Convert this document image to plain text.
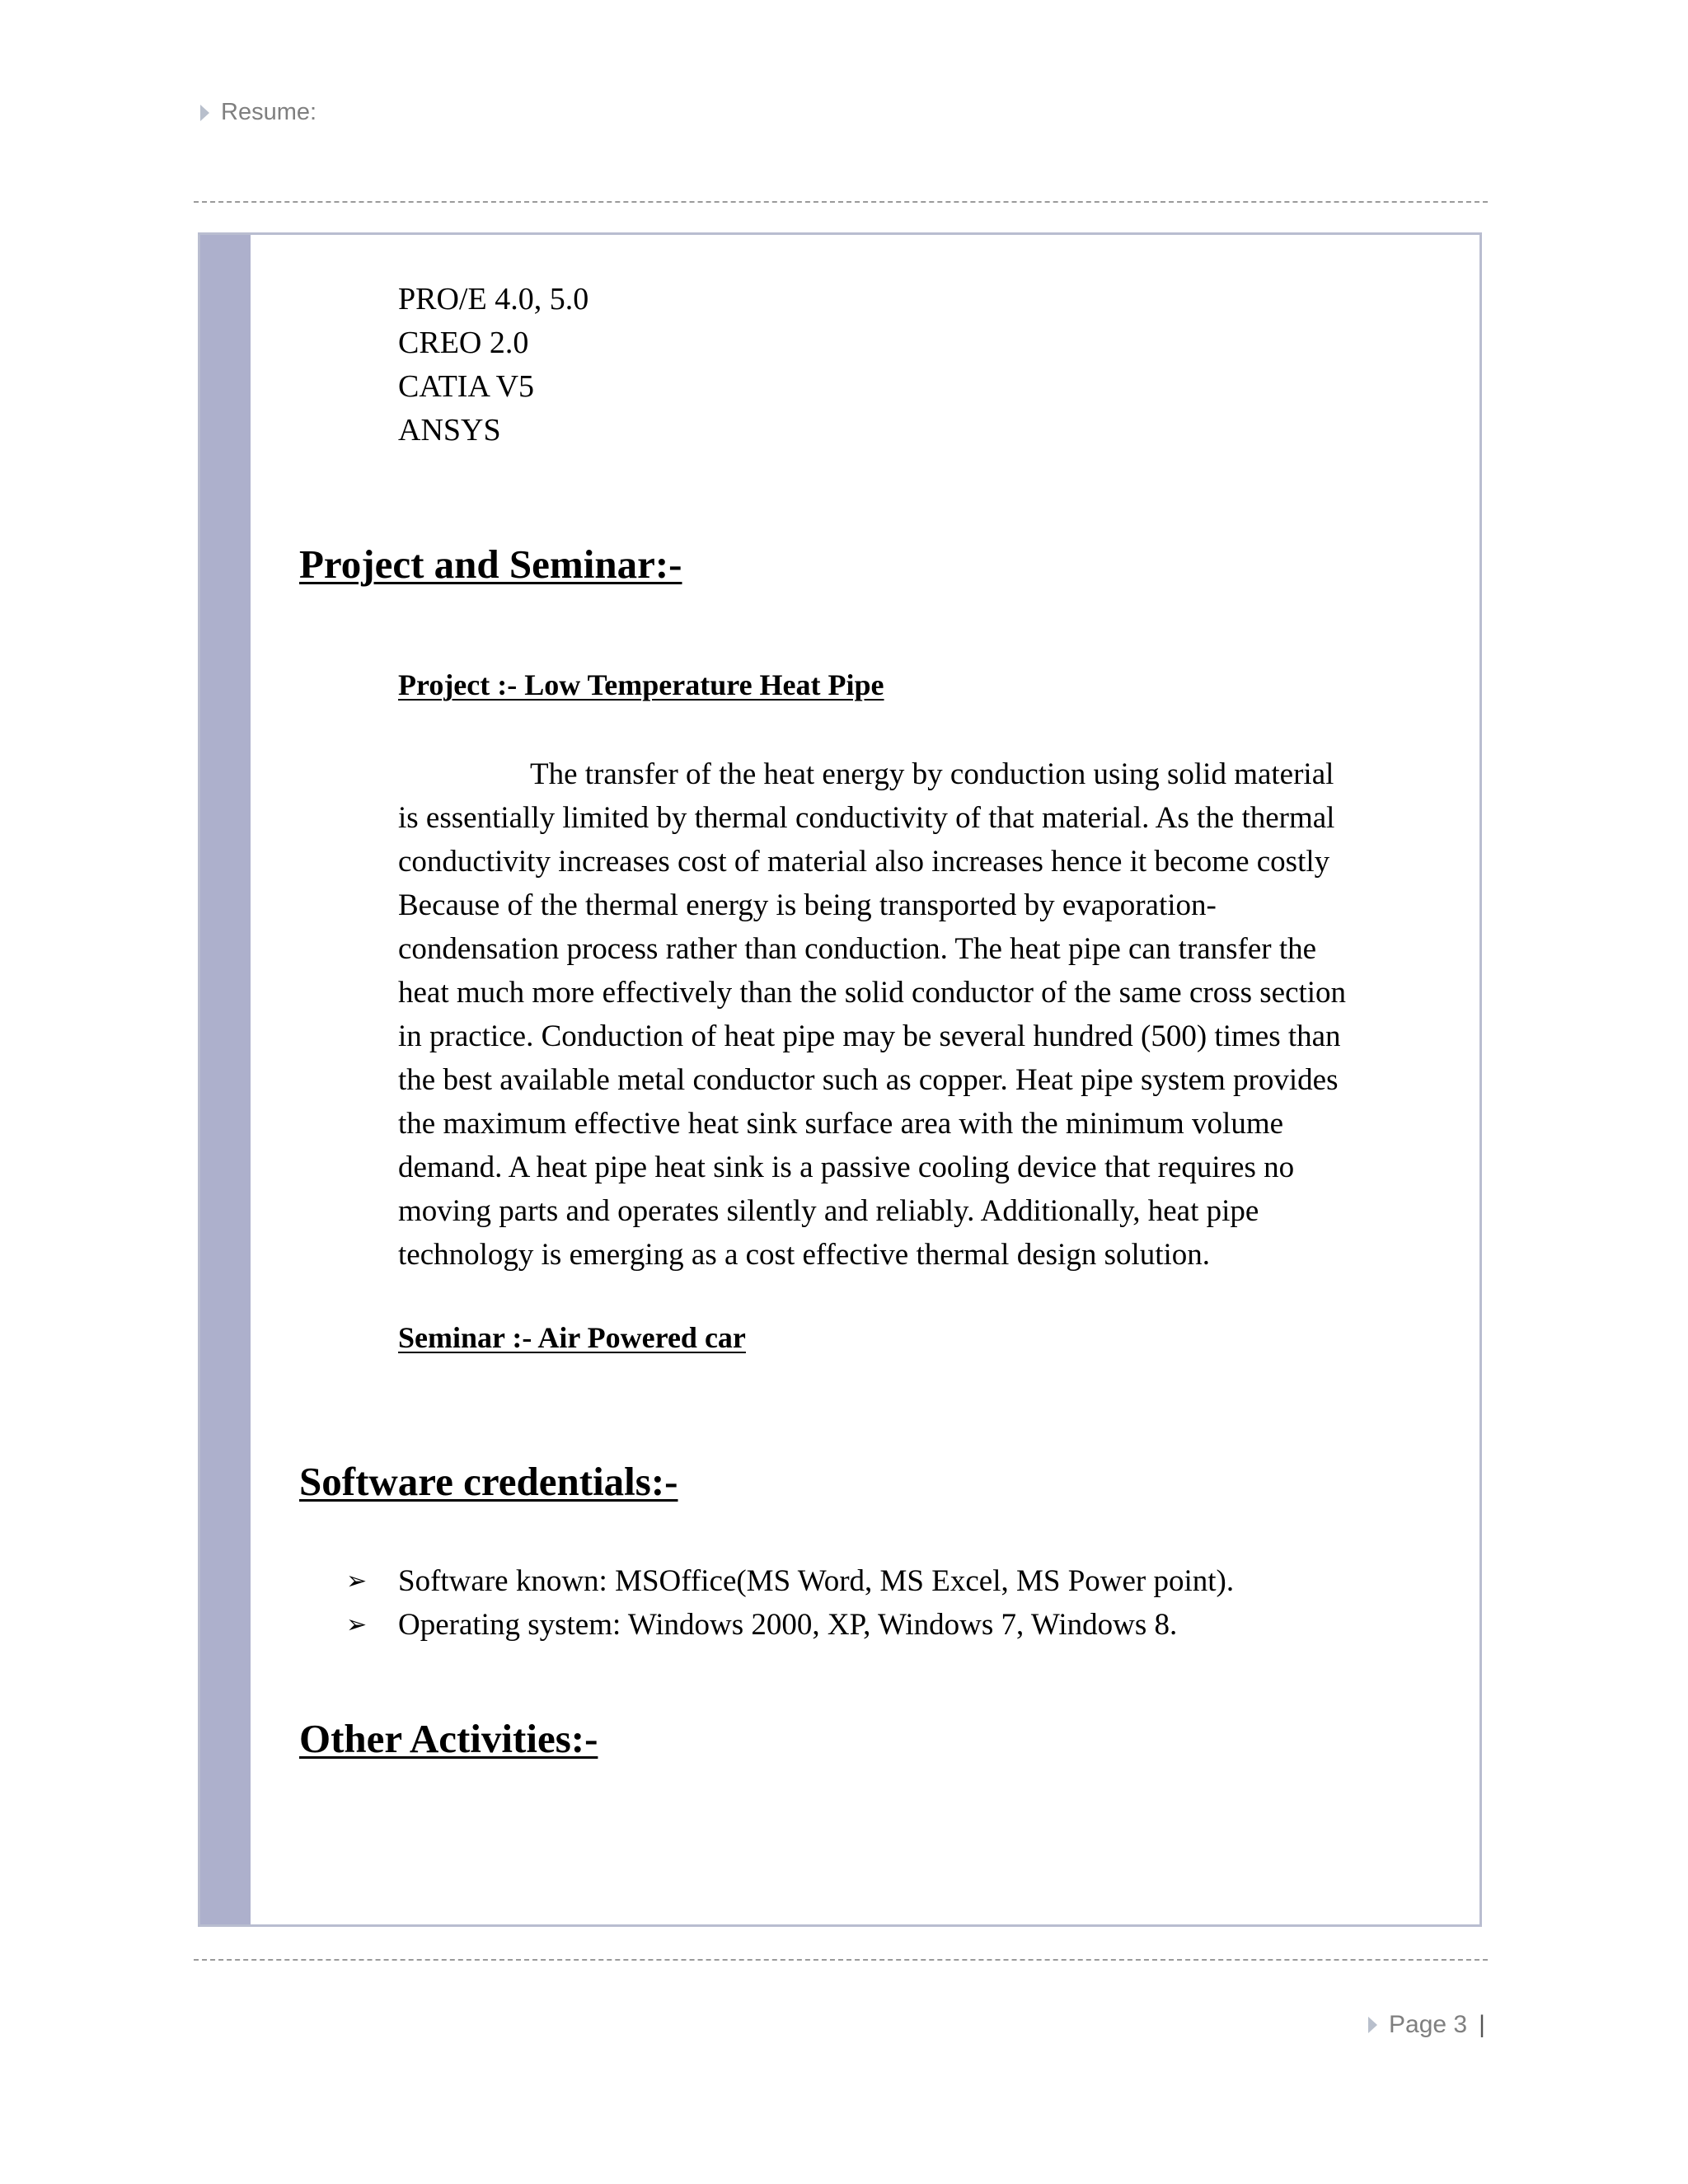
Resume:
PRO/E 4.0, 5.0
CREO 2.0
CATIA V5
ANSYS
Project and Seminar:-
Project :- Low Temperature Heat Pipe
The transfer of the heat energy by conduction using solid material
is essentially limited by thermal conductivity of that material. As the thermal
conductivity increases cost of material also increases hence it become costly
Because of the thermal energy is being transported by evaporation-
condensation process rather than conduction. The heat pipe can transfer the
heat much more effectively than the solid conductor of the same cross section
in practice. Conduction of heat pipe may be several hundred (500) times than
the best available metal conductor such as copper. Heat pipe system provides
the maximum effective heat sink surface area with the minimum volume
demand. A heat pipe heat sink is a passive cooling device that requires no
moving parts and operates silently and reliably. Additionally, heat pipe
technology is emerging as a cost effective thermal design solution.
Seminar :- Air Powered car
Software credentials:-
➢ Software known: MSOffice(MS Word, MS Excel, MS Power point).
➢ Operating system: Windows 2000, XP, Windows 7, Windows 8.
Other Activities:-
Page 3 |
